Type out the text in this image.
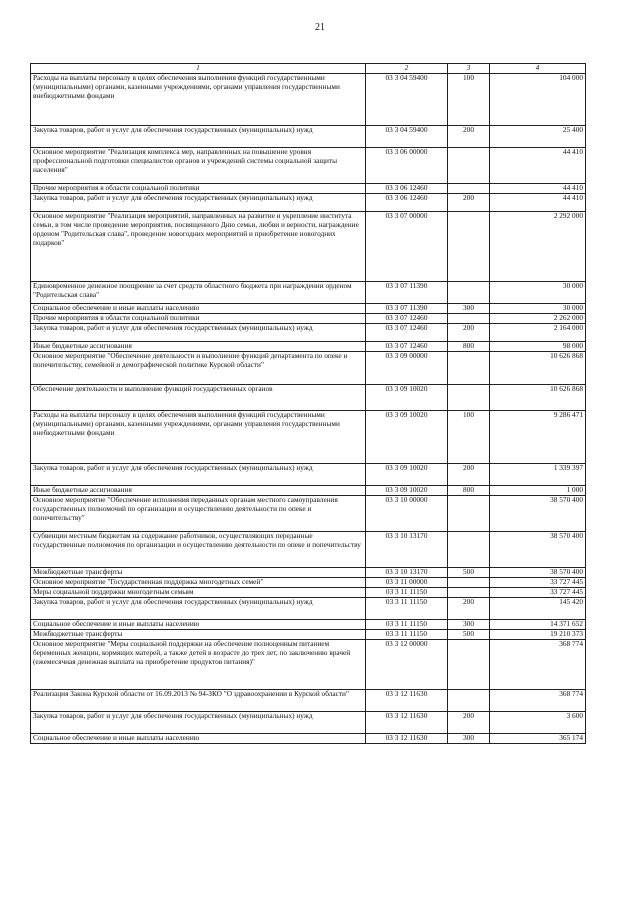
21
1	2	3	4
Расходы на выплаты персоналу в целях обеспечения выполнения функций государственными (муниципальными) органами, казенными учреждениями, органами управления государственными внебюджетными фондами	03 3 04 59400	100	104 000
Закупка товаров, работ и услуг для обеспечения государственных (муниципальных) нужд	03 3 04 59400	200	25 400
Основное мероприятие "Реализация комплекса мер, направленных на повышение уровня профессиональной подготовки специалистов органов и учреждений системы социальной защиты населения"	03 3 06 00000		44 410
Прочие мероприятия в области социальной политики	03 3 06 12460		44 410
Закупка товаров, работ и услуг для обеспечения государственных (муниципальных) нужд	03 3 06 12460	200	44 410
Основное мероприятие "Реализация мероприятий, направленных на развитие и укрепление института семьи, в том числе проведение мероприятия, посвященного Дню семьи, любви и верности, награждение орденом "Родительская слава", проведение новогодних мероприятий и приобретение новогодних подарков"	03 3 07 00000		2 292 000
Единовременное денежное поощрение за счет средств областного бюджета при награждении орденом "Родительская слава"	03 3 07 11390		30 000
Социальное обеспечение и иные выплаты населению	03 3 07 11390	300	30 000
Прочие мероприятия в области социальной политики	03 3 07 12460		2 262 000
Закупка товаров, работ и услуг для обеспечения государственных (муниципальных) нужд	03 3 07 12460	200	2 164 000
Иные бюджетные ассигнования	03 3 07 12460	800	98 000
Основное мероприятие "Обеспечение деятельности и выполнение функций департамента по опеке и попечительству, семейной и демографической политике Курской области"	03 3 09 00000		10 626 868
Обеспечение деятельности и выполнение функций государственных органов	03 3 09 10020		10 626 868
Расходы на выплаты персоналу в целях обеспечения выполнения функций государственными (муниципальными) органами, казенными учреждениями, органами управления государственными внебюджетными фондами	03 3 09 10020	100	9 286 471
Закупка товаров, работ и услуг для обеспечения государственных (муниципальных) нужд	03 3 09 10020	200	1 339 397
Иные бюджетные ассигнования	03 3 09 10020	800	1 000
Основное мероприятие "Обеспечение исполнения переданных органам местного самоуправления государственных полномочий по организации и осуществлению деятельности по опеке и попечительству"	03 3 10 00000		38 570 400
Субвенции местным бюджетам на содержание работников, осуществляющих переданные государственные полномочия по организации и осуществлению деятельности по опеке и попечительству	03 3 10 13170		38 570 400
Межбюджетные трансферты	03 3 10 13170	500	38 570 400
Основное мероприятие "Государственная поддержка многодетных семей"	03 3 11 00000		33 727 445
Меры социальной поддержки многодетным семьям	03 3 11 11150		33 727 445
Закупка товаров, работ и услуг для обеспечения государственных (муниципальных) нужд	03 3 11 11150	200	145 420
Социальное обеспечение и иные выплаты населению	03 3 11 11150	300	14 371 652
Межбюджетные трансферты	03 3 11 11150	500	19 210 373
Основное мероприятие "Меры социальной поддержки на обеспечение полноценным питанием беременных женщин, кормящих матерей, а также детей в возрасте до трех лет, по заключению врачей (ежемесячная денежная выплата на приобретение продуктов питания)"	03 3 12 00000		368 774
Реализация Закона Курской области от 16.09.2013 № 94-ЗКО "О здравоохранении в Курской области"	03 3 12 11630		368 774
Закупка товаров, работ и услуг для обеспечения государственных (муниципальных) нужд	03 3 12 11630	200	3 600
Социальное обеспечение и иные выплаты населению	03 3 12 11630	300	365 174
